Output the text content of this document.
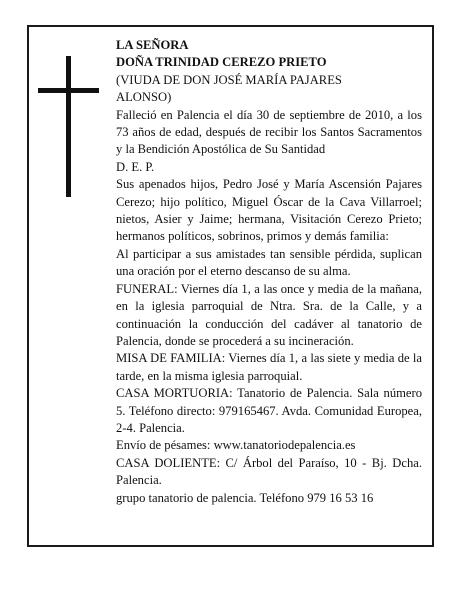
LA SEÑORA
DOÑA TRINIDAD CEREZO PRIETO
(VIUDA DE DON JOSÉ MARÍA PAJARES
ALONSO)
Falleció en Palencia el día 30 de septiembre de 2010, a los 73 años de edad, después de recibir los Santos Sacramentos y la Bendición Apostólica de Su Santidad
D. E. P.
Sus apenados hijos, Pedro José y María Ascensión Pajares Cerezo; hijo político, Miguel Óscar de la Cava Villarroel; nietos, Asier y Jaime; hermana, Visitación Cerezo Prieto; hermanos políticos, sobrinos, primos y demás familia:
Al participar a sus amistades tan sensible pérdida, suplican una oración por el eterno descanso de su alma.
FUNERAL: Viernes día 1, a las once y media de la mañana, en la iglesia parroquial de Ntra. Sra. de la Calle, y a continuación la conducción del cadáver al tanatorio de Palencia, donde se procederá a su incineración.
MISA DE FAMILIA: Viernes día 1, a las siete y media de la tarde, en la misma iglesia parroquial.
CASA MORTUORIA: Tanatorio de Palencia. Sala número 5. Teléfono directo: 979165467. Avda. Comunidad Europea, 2-4. Palencia.
Envío de pésames: www.tanatoriodepalencia.es
CASA DOLIENTE: C/ Árbol del Paraíso, 10 - Bj. Dcha. Palencia.
grupo tanatorio de palencia. Teléfono 979 16 53 16
